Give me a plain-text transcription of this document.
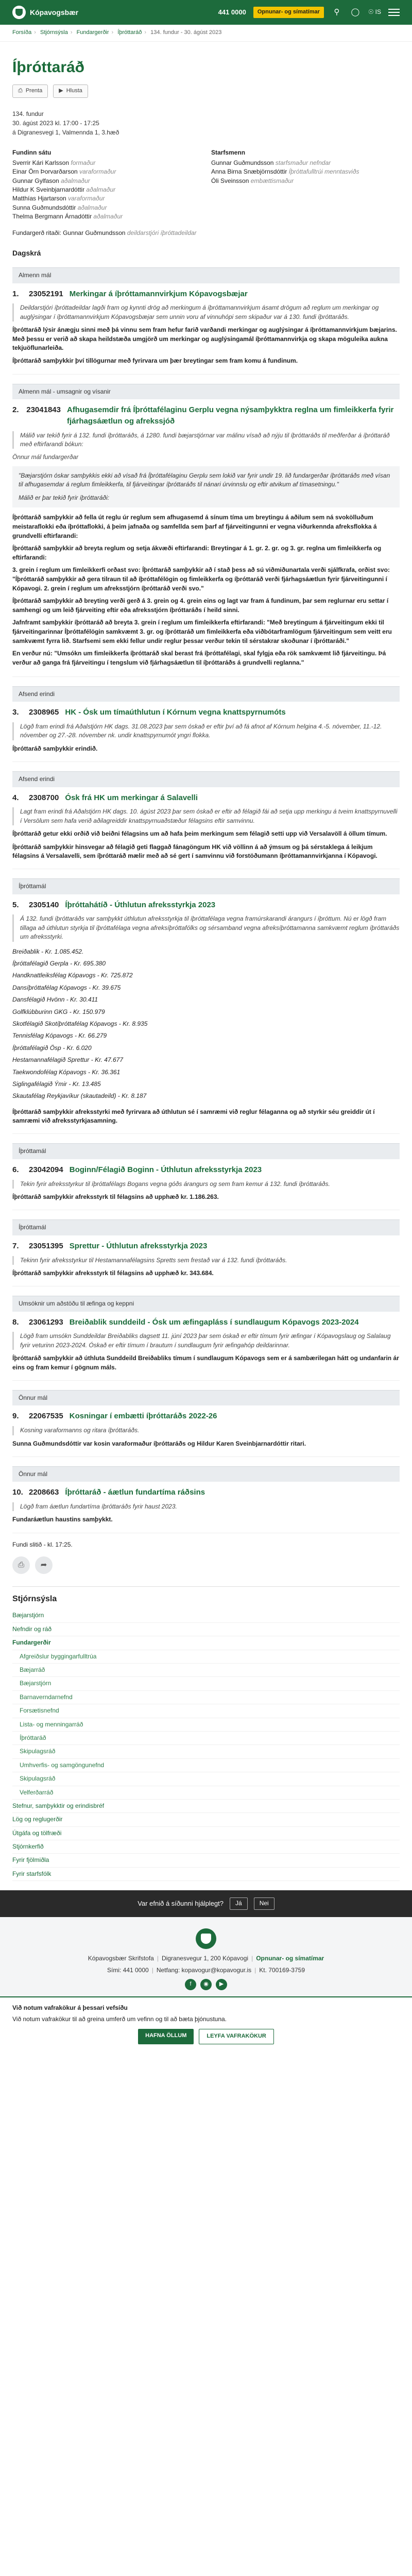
Kópavogsbær	441 0000	Opnunar- og símatímar	⚲	◯ ☉ IS
Forsíða › Stjórnsýsla › Fundargerðir › Íþróttaráð › 134. fundur - 30. ágúst 2023
Íþróttaráð
⎙ Prenta	▶ Hlusta
134. fundur
30. ágúst 2023 kl. 17:00 - 17:25
á Digranesvegi 1, Valmennda 1, 3.hæð
Fundinn sátu
Sverrir Kári Karlsson formaður
Einar Örn Þorvarðarson varaformaður
Gunnar Gylfason aðalmaður
Hildur K Sveinbjarnardóttir aðalmaður
Matthías Hjartarson varaformaður
Sunna Guðmundsdóttir aðalmaður
Thelma Bergmann Árnadóttir aðalmaður
Starfsmenn
Gunnar Guðmundsson starfsmaður nefndar
Anna Birna Snæbjörnsdóttir Íþróttafulltrúi menntasviðs
Óli Sveinsson embættismaður
Fundargerð ritaði: Gunnar Guðmundsson deildarstjóri íþróttadeildar
Dagskrá
Almenn mál
1.	23052191 Merkingar á íþróttamannvirkjum Kópavogsbæjar
Deildarstjóri íþróttadeildar lagði fram og kynnti drög að merkingum á íþróttamannvirkjum ásamt drögum að reglum um merkingar og auglýsingar í íþróttamannvirkjum Kópavogsbæjar sem unnin voru af vinnuhópi sem skipaður var á 130. fundi íþróttaráðs.
Íþróttaráð lýsir ánægju sinni með þá vinnu sem fram hefur farið varðandi merkingar og auglýsingar á íþróttamannvirkjum bæjarins. Með þessu er verið að skapa heildstæða umgjörð um merkingar og auglýsingamál íþróttamannvirkja og skapa möguleika aukna tekjuöflunarleiða.
Íþróttaráð samþykkir því tillögurnar með fyrirvara um þær breytingar sem fram komu á fundinum.
Almenn mál - umsagnir og vísanir
2. 23041843 Afhugasemdir frá Íþróttafélaginu Gerplu vegna nýsamþykktra reglna um fimleikkerfa fyrir fjárhagsáætlun og afrekssjóð
Málið var tekið fyrir á 132. fundi íþróttaráðs, á 1280. fundi bæjarstjórnar var málinu vísað að nýju til íþróttaráðs til meðferðar á íþróttaráð með eftirfarandi bókun:
Önnur mál fundargerðar

"Bæjarstjórn óskar samþykkis ekki að vísað frá Íþróttafélaginu Gerplu sem lokið var fyrir undir 19. lið fundargerðar íþróttaráðs með vísan til afhugasemdar á reglum fimleikkerfa, til fjárveitingar íþróttaráðs til nánari úrvinnslu og eftir atvikum af tímasetningu."

Málið er þar tekið fyrir íþróttaráði:

Íþróttaráð samþykkir að fella út reglu úr reglum sem afhugasemd á sínum tíma um breytingu á aðilum sem ná svokölluðum meistaraflokki eða íþróttaflokki, á þeim jafnaða og samfellda sem þarf af fjárveitingunni er vegna viðurkennda afreksflokka á grundvelli eftirfarandi:

Íþróttaráð samþykkir að breyta reglum og setja ákvæði eftirfarandi: Breytingar á 1. gr. 2. gr. og 3. gr. reglna um fimleikkerfa og eftirfarandi:

3. grein í reglum um fimleikkerfi orðast svo: Íþróttaráð samþykkir að í stað þess að sú viðmiðunartala verði sjálfkrafa, orðist svo: "Íþróttaráð samþykkir að gera tilraun til að íþróttafélögin og fimleikkerfa og íþróttaráð verði fjárhagsáætlun fyrir fjárveitingunni í Kópavogi. 2. grein í reglum um afreksstjórn íþróttaráð verði svo."

Íþróttaráð samþykkir að breyting verði gerð á 3. grein og 4. grein eins og lagt var fram á fundinum, þar sem reglurnar eru settar í samhengi og um leið fjárveiting eftir eða afreksstjórn íþróttaráðs í heild sinni.

Jafnframt samþykkir íþróttaráð að breyta 3. grein í reglum um fimleikkerfa eftirfarandi: "Með breytingum á fjárveitingum ekki til fjárveitingarinnar Íþróttafélögin samkvæmt 3. gr. og íþróttaráð um fimleikkerfa eða viðbótarframlögum fjárveitingum sem veitt eru samkvæmt fyrra lið. Starfsemi sem ekki fellur undir reglur þessar verður tekin til sérstakrar skoðunar í íþróttaráði."

En verður nú: "Umsókn um fimleikkerfa íþróttaráð skal berast frá íþróttafélagi, skal fylgja eða rök samkvæmt lið fjárveitingu. Þá verður að ganga frá fjárveitingu í tengslum við fjárhagsáætlun til íþróttaráðs á grundvelli reglanna."

Afsend erindi
3.	2308965 HK - Ósk um tímaúthlutun í Kórnum vegna knattspyrnumóts
Lögð fram erindi frá Aðalstjórn HK dags. 31.08.2023 þar sem óskað er eftir því að fá afnot af Kórnum helgina 4.-5. nóvember, 11.-12. nóvember og 27.-28. nóvember nk. undir knattspyrnumót yngri flokka.
Íþróttaráð samþykkir erindið.
Afsend erindi
4.	2308700 Ósk frá HK um merkingar á Salavelli
Lagt fram erindi frá Aðalstjórn HK dags. 10. ágúst 2023 þar sem óskað er eftir að félagið fái að setja upp merkingu á tveim knattspyrnuvelli í Versölum sem hafa verið aðilagreiddir knattspyrnuaðstæður félagsins eftir samvinnu.
Íþróttaráð getur ekki orðið við beiðni félagsins um að hafa þeim merkingum sem félagið setti upp við Versalavöll á öllum tímum.
Íþróttaráð samþykkir hinsvegar að félagið geti flaggað fánagöngum HK við völlinn á að ýmsum og þá sérstaklega á leikjum félagsins á Versalavelli, sem íþróttaráð mælir með að sé gert í samvinnu við forstöðumann íþróttamannvirkjanna í Kópavogi.
Íþróttamál
5.	2305140 Íþróttahátíð - Úthlutun afreksstyrkja 2023
Á 132. fundi íþróttaráðs var samþykkt úthlutun afreksstyrkja til íþróttafélaga vegna framúrskarandi árangurs í íþróttum. Nú er lögð fram tillaga að úthlutun styrkja til íþróttafélaga vegna afreksíþróttafólks og sérsamband vegna afreksíþróttamanna samkvæmt reglum íþróttaráðs um afreksstyrki.
Breiðablik - Kr. 1.085.452.
Íþróttafélagið Gerpla - Kr. 695.380
Handknattleiksfélag Kópavogs - Kr. 725.872
Dansíþróttafélag Kópavogs - Kr. 39.675
Dansfélagið Hvönn - Kr. 30.411
Golfklúbburinn GKG - Kr. 150.979
Skotfélagið Skotíþróttafélag Kópavogs - Kr. 8.935
Tennisfélag Kópavogs - Kr. 66.279
Íþróttafélagið Ösp - Kr. 6.020
Hestamannafélagið Sprettur - Kr. 47.677
Taekwondofélag Kópavogs - Kr. 36.361
Siglingafélagið Ýmir - Kr. 13.485
Skautafélag Reykjavíkur (skautadeild) - Kr. 8.187
Íþróttaráð samþykkir afreksstyrki með fyrirvara að úthlutun sé í samræmi við reglur félaganna og að styrkir séu greiddir út í samræmi við afreksstyrkjasamning.
Íþróttamál
6.	23042094 Boginn/Félagið Boginn - Úthlutun afreksstyrkja 2023
Tekin fyrir afreksstyrkur til íþróttafélags Bogans vegna góðs árangurs og sem fram kemur á 132. fundi íþróttaráðs.
Íþróttaráð samþykkir afreksstyrk til félagsins að upphæð kr. 1.186.263.
Íþróttamál
7.	23051395 Sprettur - Úthlutun afreksstyrkja 2023
Tekinn fyrir afreksstyrkur til Hestamannafélagsins Spretts sem frestað var á 132. fundi íþróttaráðs.
Íþróttaráð samþykkir afreksstyrk til félagsins að upphæð kr. 343.684.
Umsóknir um aðstöðu til æfinga og keppni
8.	23061293 Breiðablik sunddeild - Ósk um æfingapláss í sundlaugum Kópavogs 2023-2024
Lögð fram umsókn Sunddeildar Breiðabliks dagsett 11. júní 2023 þar sem óskað er eftir tímum fyrir æfingar í Kópavogslaug og Salalaug fyrir veturinn 2023-2024. Óskað er eftir tímum í brautum í sundlaugum fyrir æfingahóp deildarinnar.
Íþróttaráð samþykkir að úthluta Sunddeild Breiðabliks tímum í sundlaugum Kópavogs sem er á sambærilegan hátt og undanfarin ár eins og fram kemur í gögnum máls.
Önnur mál
9.	22067535 Kosningar í embætti íþróttaráðs 2022-26
Kosning varaformanns og ritara íþróttaráðs.
Sunna Guðmundsdóttir var kosin varaformaður íþróttaráðs og Hildur Karen Sveinbjarnardóttir ritari.
Önnur mál
10. 2208663 Íþróttaráð - áætlun fundartíma ráðsins
Lögð fram áætlun fundartíma íþróttaráðs fyrir haust 2023.
Fundaráætlun haustins samþykkt.
Fundi slitið - kl. 17:25.
⎙	➦
Stjórnsýsla
Bæjarstjórn
Nefndir og ráð
Fundargerðir
Afgreiðslur byggingarfulltrúa
Bæjarráð
Bæjarstjórn
Barnaverndarnefnd
Forsætisnefnd
Lista- og menningarráð
Íþróttaráð
Skipulagsráð
Umhverfis- og samgöngunefnd
Skipulagsráð
Velferðarráð
Stefnur, samþykktir og erindisbréf
Lög og reglugerðir
Útgáfa og tölfræði
Stjórnkerfið
Fyrir fjölmiðla
Fyrir starfsfólk
Var efnið á síðunni hjálplegt?	Já	Nei
Kópavogsbær Skrifstofa | Digranesvegur 1, 200 Kópavogi | Opnunar- og símatímar
Sími: 441 0000 | Netfang: kopavogur@kopavogur.is | Kt. 700169-3759
f	◉	▶
Við notum vafrakökur á þessari vefsíðu
Við notum vafrakökur til að greina umferð um vefinn og til að bæta þjónustuna.
HAFNA ÖLLUM	LEYFA VAFRAKÖKUR
